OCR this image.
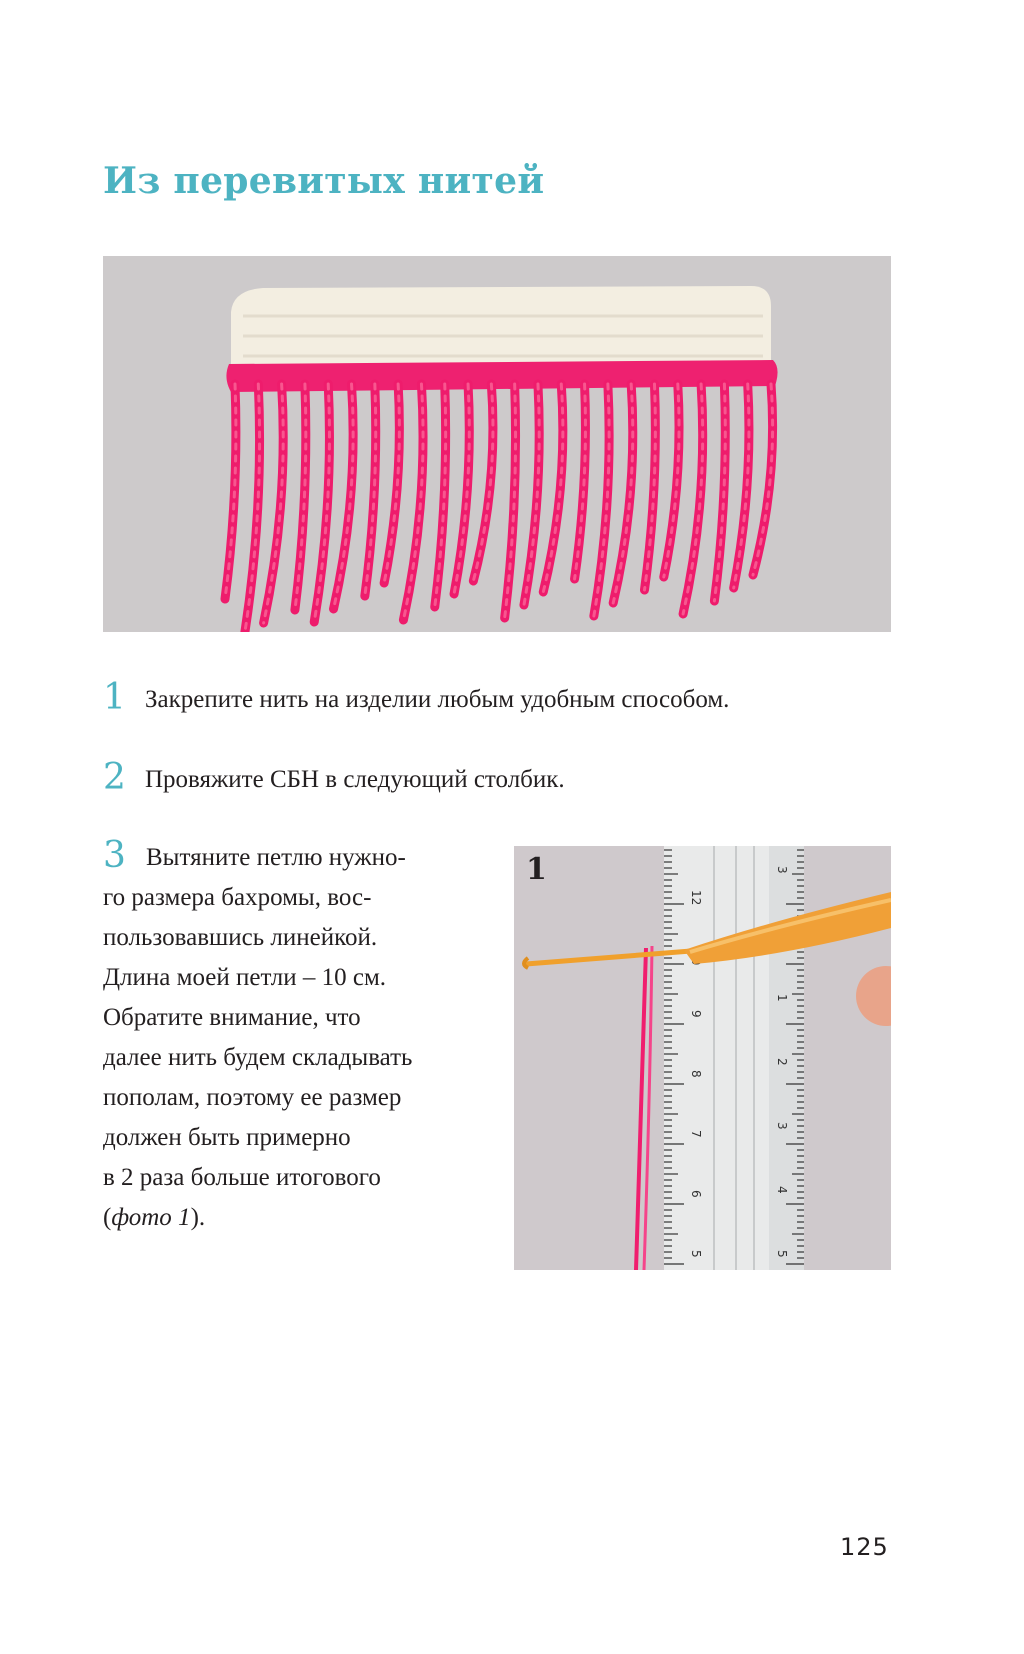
Из перевитых нитей
1 Закрепите нить на изделии любым удобным способом.
2 Провяжите СБН в следующий столбик.
3 Вытяните петлю нужно-
го размера бахромы, вос-
пользовавшись линейкой.
Длина моей петли – 10 см.
Обратите внимание, что
далее нить будем складывать
пополам, поэтому ее размер
должен быть примерно
в 2 раза больше итогового
(фото 1).
12
9
8
7
6
5
3
1
2
3
4
5
1
125
